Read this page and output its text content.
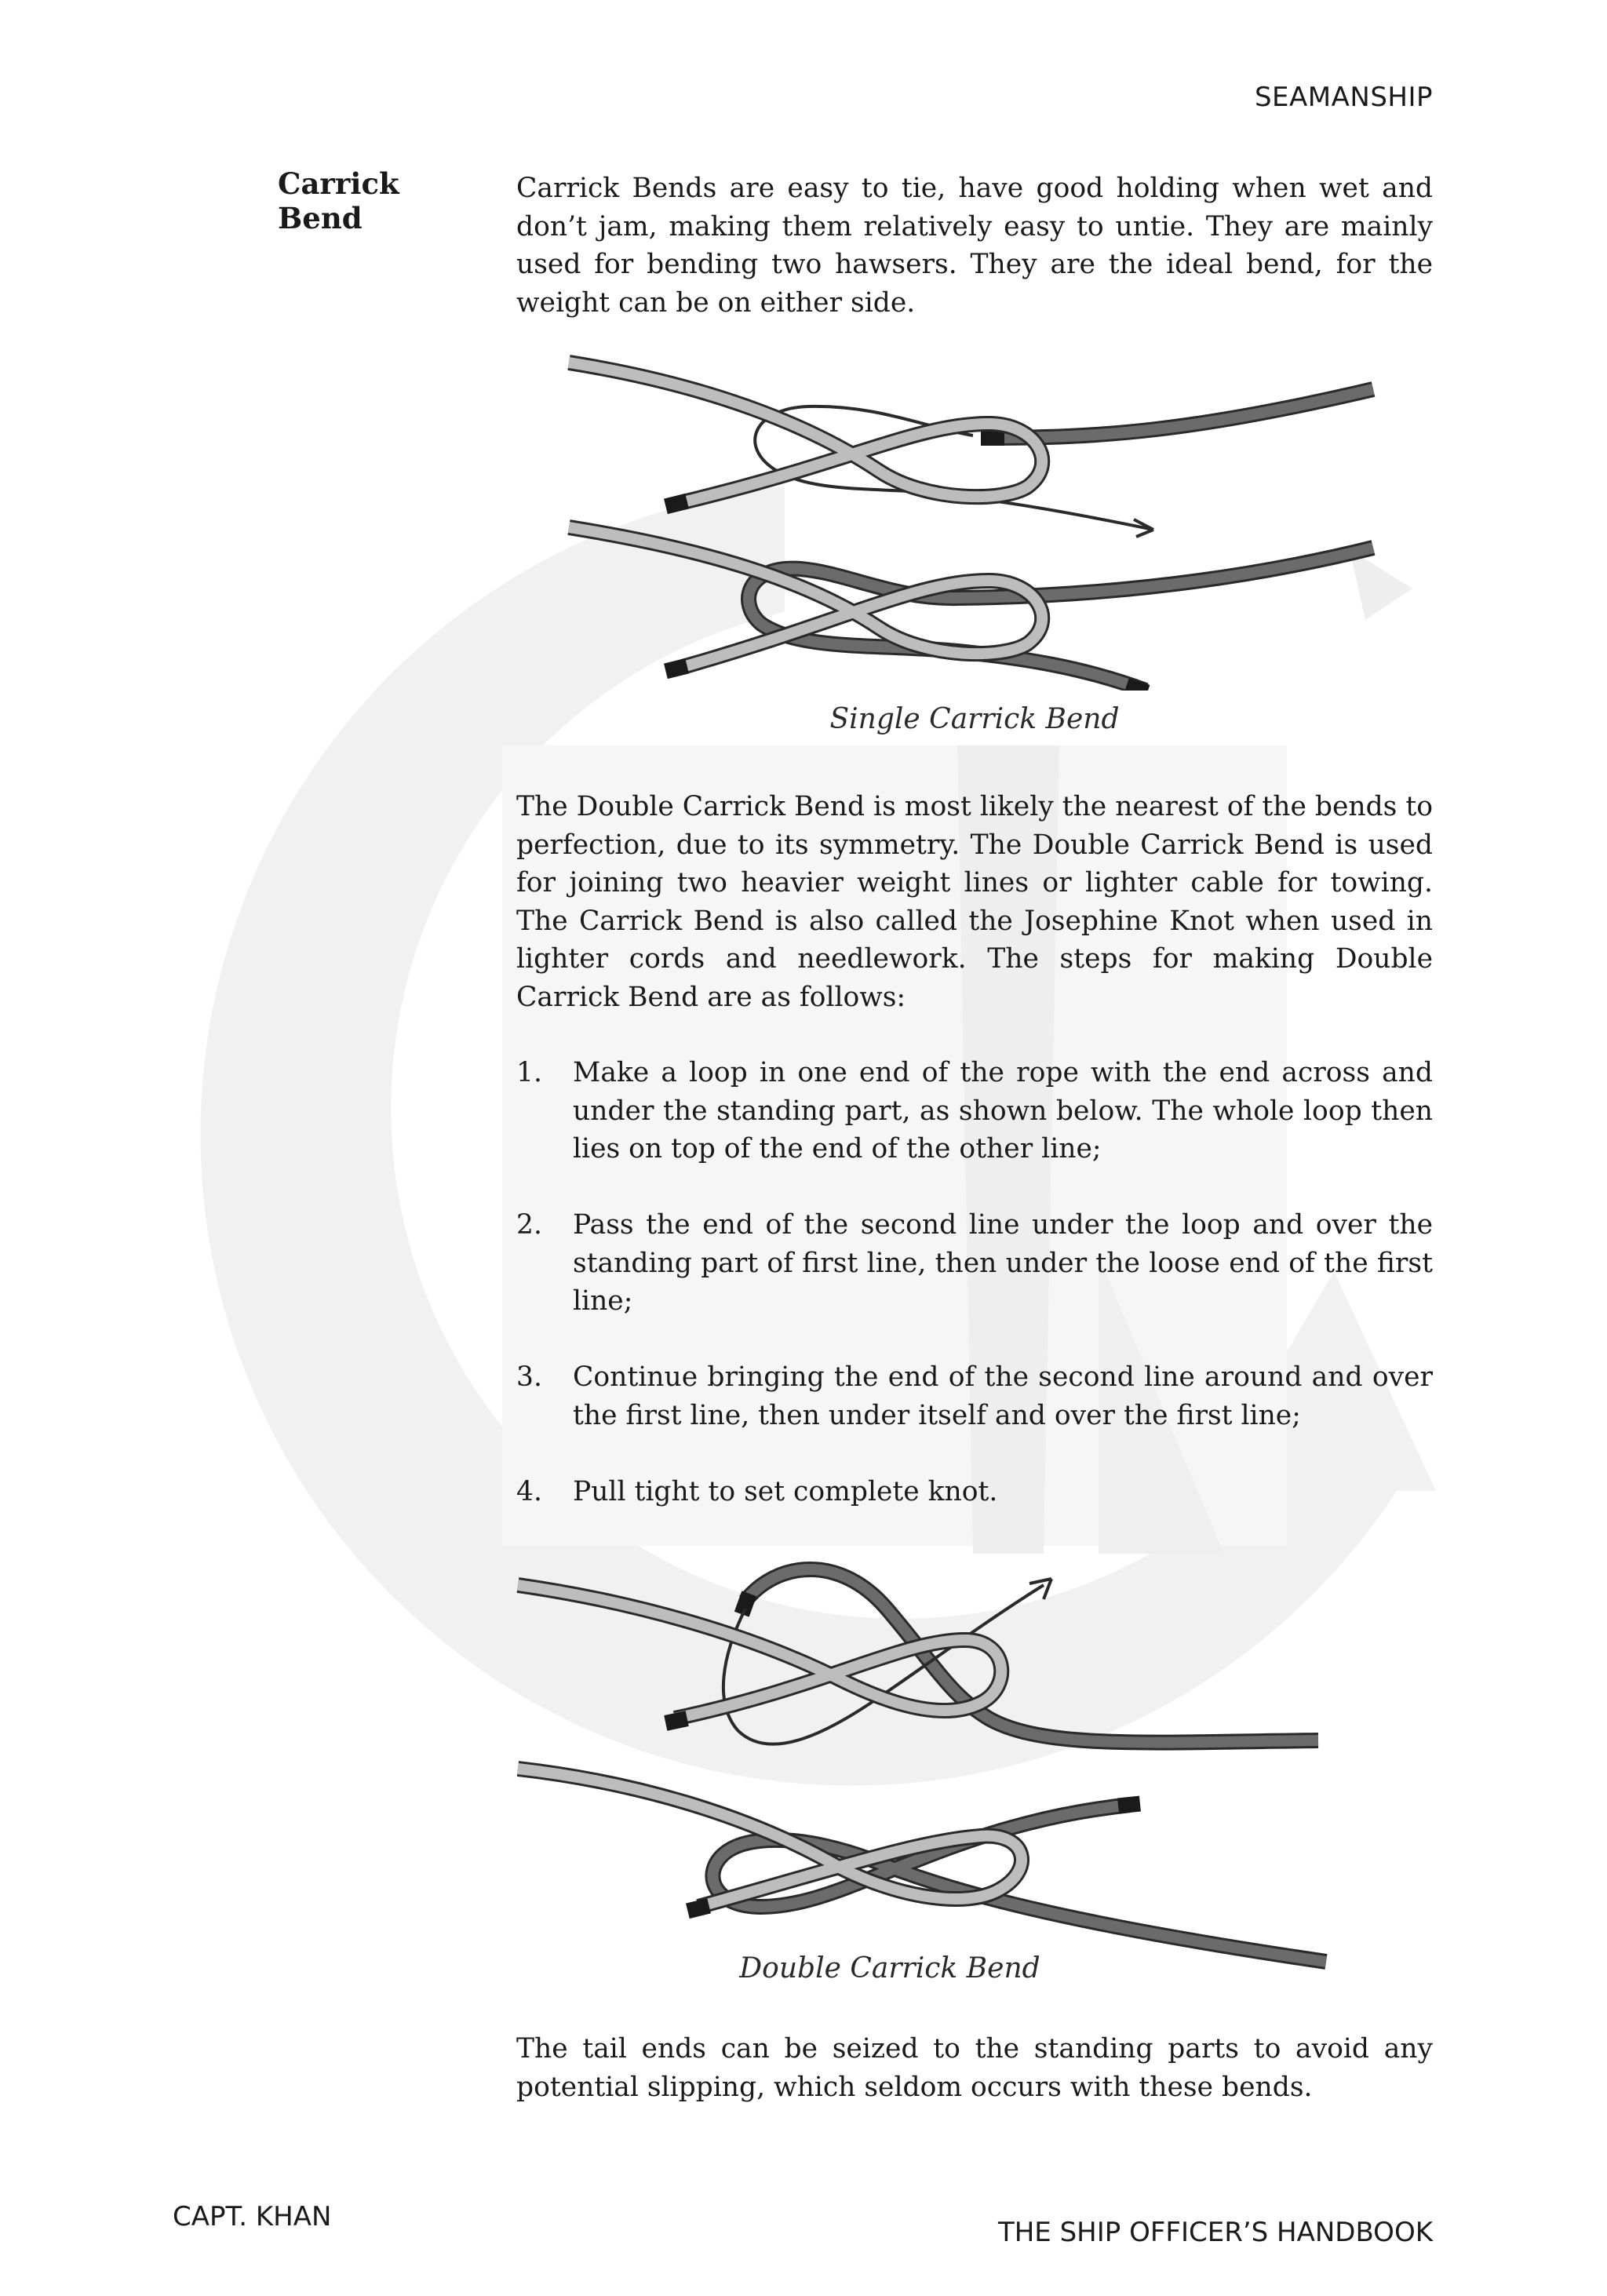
SEAMANSHIP
Carrick Bend
Carrick Bends are easy to tie, have good holding when wet and don’t jam, making them relatively easy to untie. They are mainly used for bending two hawsers. They are the ideal bend, for the weight can be on either side.
Single Carrick Bend
The Double Carrick Bend is most likely the nearest of the bends to perfection, due to its symmetry. The Double Carrick Bend is used for joining two heavier weight lines or lighter cable for towing. The Carrick Bend is also called the Josephine Knot when used in lighter cords and needlework. The steps for making Double Carrick Bend are as follows:
1. Make a loop in one end of the rope with the end across and under the standing part, as shown below. The whole loop then lies on top of the end of the other line;
2. Pass the end of the second line under the loop and over the standing part of first line, then under the loose end of the first line;
3. Continue bringing the end of the second line around and over the first line, then under itself and over the first line;
4. Pull tight to set complete knot.
Double Carrick Bend
The tail ends can be seized to the standing parts to avoid any potential slipping, which seldom occurs with these bends.
CAPT. KHAN	THE SHIP OFFICER’S HANDBOOK
